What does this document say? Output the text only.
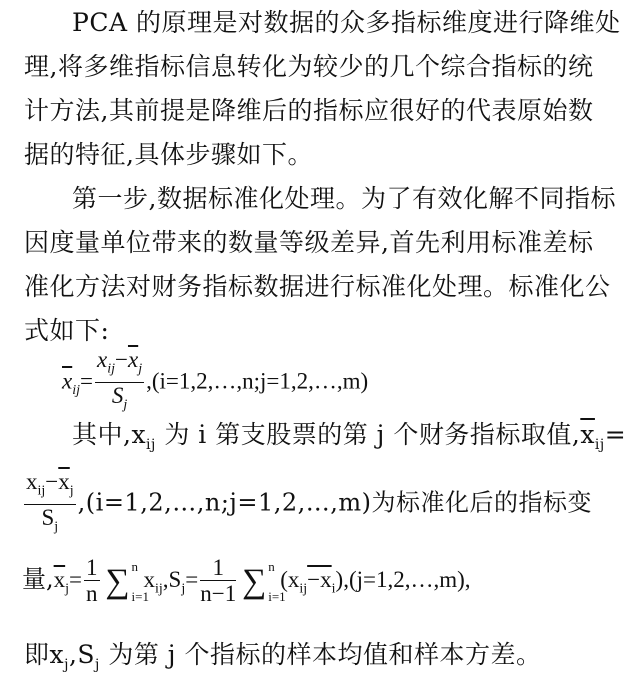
PCA 的原理是对数据的众多指标维度进行降维处
理,将多维指标信息转化为较少的几个综合指标的统
计方法,其前提是降维后的指标应很好的代表原始数
据的特征,具体步骤如下。
第一步,数据标准化处理。为了有效化解不同指标
因度量单位带来的数量等级差异,首先利用标准差标
准化方法对财务指标数据进行标准化处理。标准化公
式如下:
$\overline{x}_{ij}= \frac{x_{ij}-\overline{x}_j}{S_j}$ ,(i=1,2,…,n;j=1,2,…,m)
其中$,x_{ij}$ 为 i 第支股票的第 j 个财务指标取值$,\overline{x}_{ij}=$
$\frac{x_{ij}-\overline{x}_j}{S_j}$ ,(i=1,2,…,n;j=1,2,…,m)为标准化后的指标变
量$,\overline{x}_j= \frac{1}{n}$ ∑ n
i=1
$x_{ij},S_j= \frac{1}{n-1}$ ∑ n
i=1
$(x_{ij}-x_i),(j=1,2,\dots,m)$,
即$x_j,S_j$ 为第 j 个指标的样本均值和样本方差。
